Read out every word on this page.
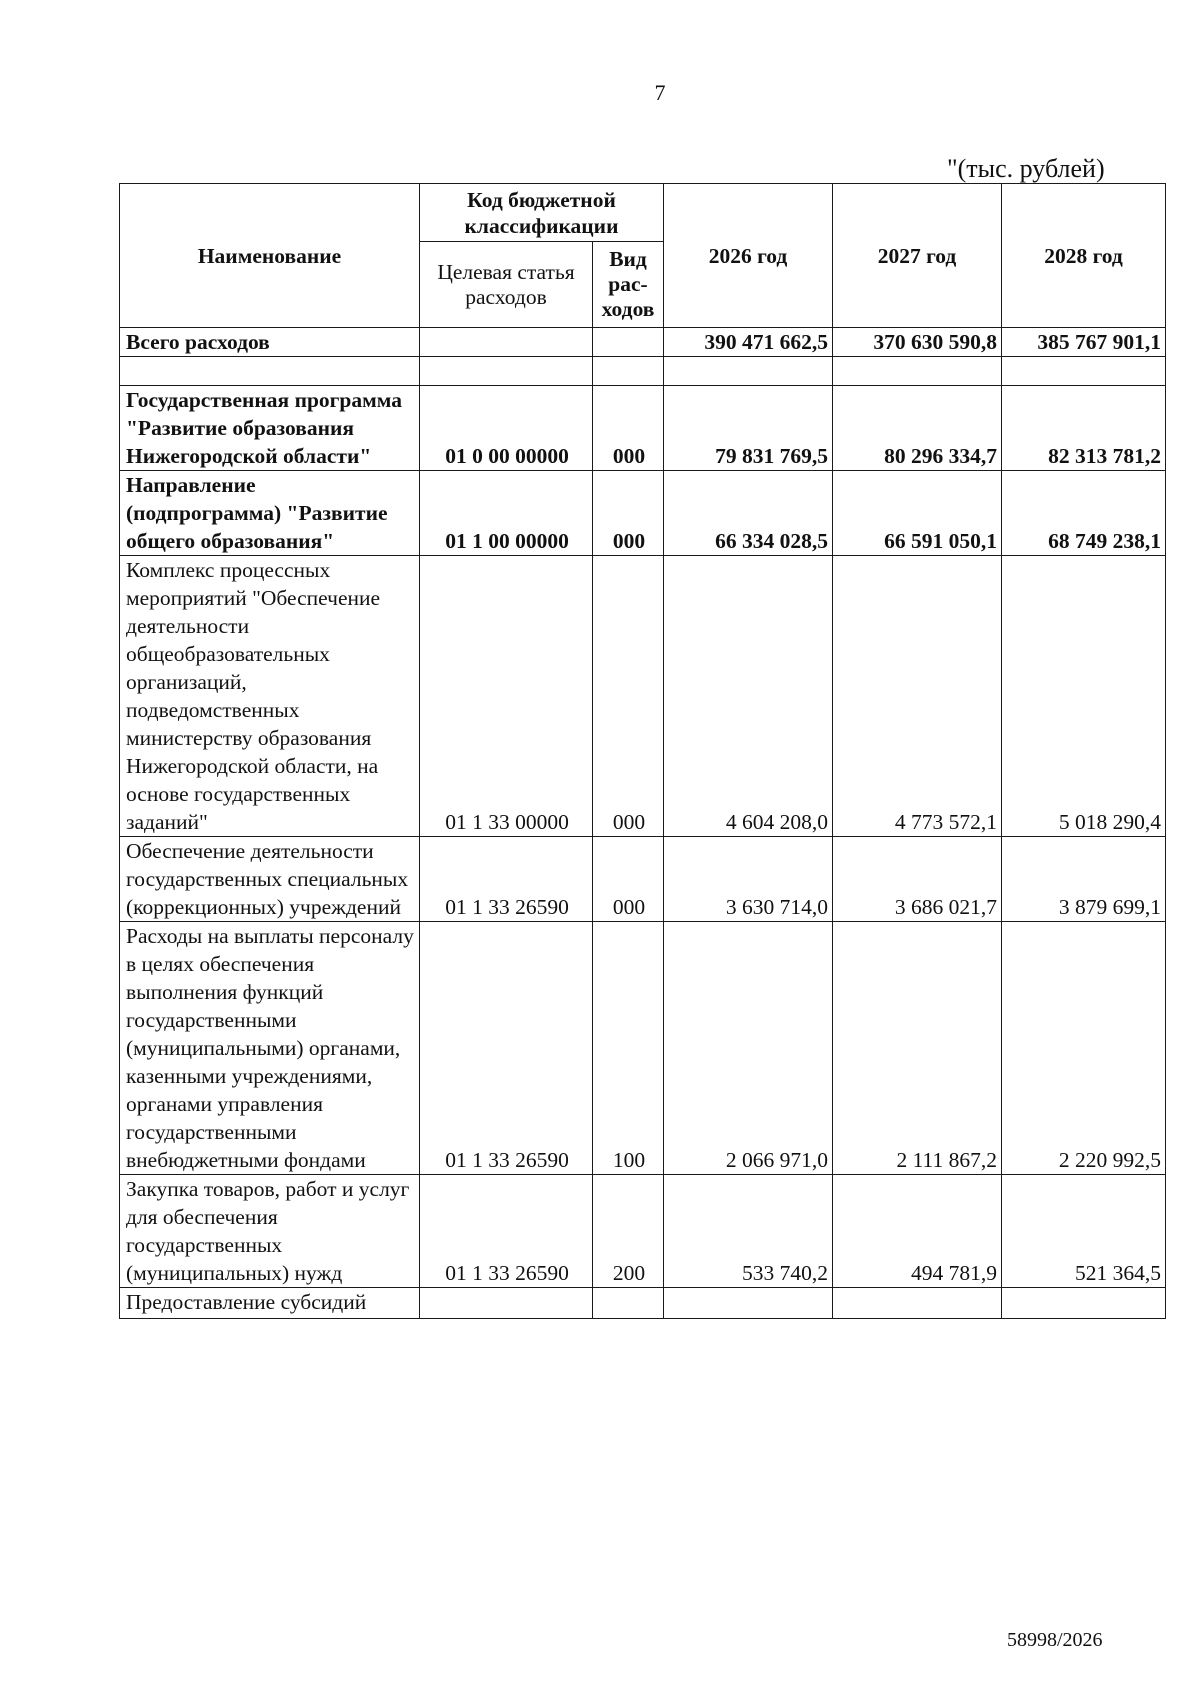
7
"(тыс. рублей)
Наименование	Код бюджетной классификации		2026 год	2027 год	2028 год
	Целевая статья расходов	Вид рас- ходов			
Всего расходов			390 471 662,5	370 630 590,8	385 767 901,1

Государственная программа "Развитие образования Нижегородской области"	01 0 00 00000	000	79 831 769,5	80 296 334,7	82 313 781,2
Направление (подпрограмма) "Развитие общего образования"	01 1 00 00000	000	66 334 028,5	66 591 050,1	68 749 238,1
Комплекс процессных мероприятий "Обеспечение деятельности общеобразовательных организаций, подведомственных министерству образования Нижегородской области, на основе государственных заданий"	01 1 33 00000	000	4 604 208,0	4 773 572,1	5 018 290,4
Обеспечение деятельности государственных специальных (коррекционных) учреждений	01 1 33 26590	000	3 630 714,0	3 686 021,7	3 879 699,1
Расходы на выплаты персоналу в целях обеспечения выполнения функций государственными (муниципальными) органами, казенными учреждениями, органами управления государственными внебюджетными фондами	01 1 33 26590	100	2 066 971,0	2 111 867,2	2 220 992,5
Закупка товаров, работ и услуг для обеспечения государственных (муниципальных) нужд	01 1 33 26590	200	533 740,2	494 781,9	521 364,5
Предоставление субсидий					
58998/2026
